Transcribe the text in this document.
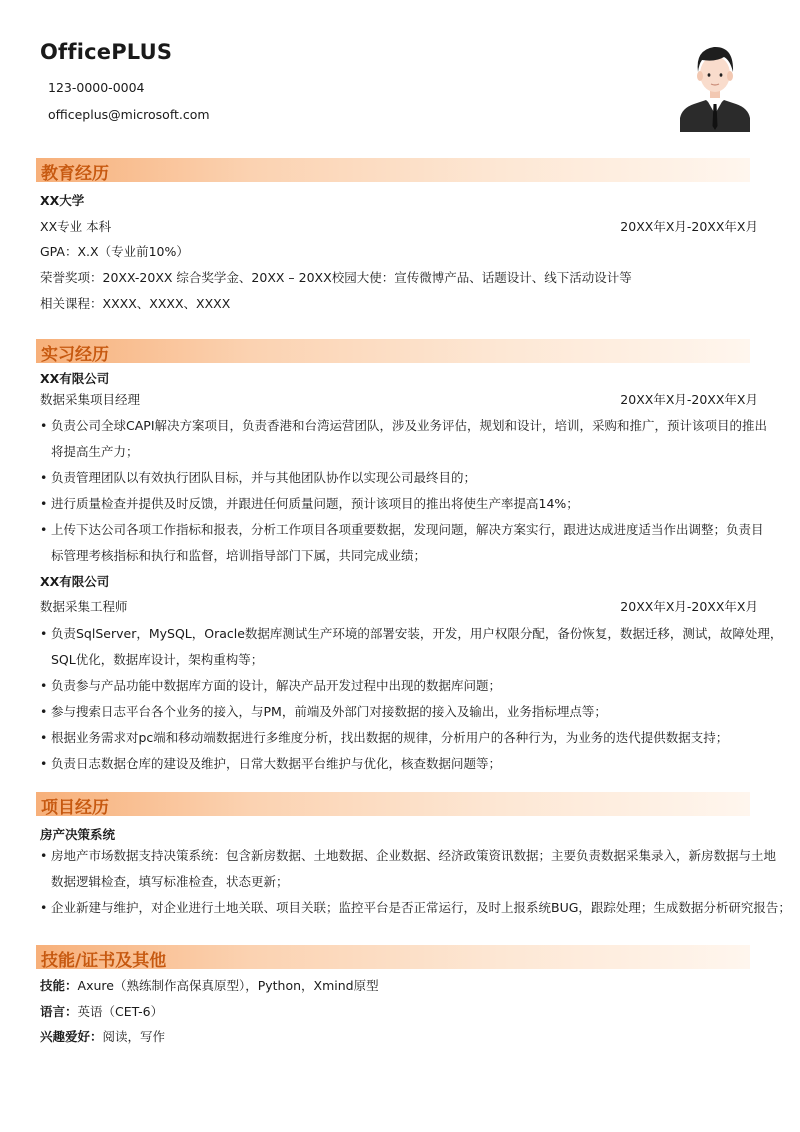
OfficePLUS
123-0000-0004
officeplus@microsoft.com
教育经历
XX大学
XX专业 本科	20XX年X月-20XX年X月
GPA：X.X（专业前10%）
荣誉奖项：20XX-20XX 综合奖学金、20XX – 20XX校园大使：宣传微博产品、话题设计、线下活动设计等
相关课程：XXXX、XXXX、XXXX
实习经历
XX有限公司
数据采集项目经理	20XX年X月-20XX年X月
• 负责公司全球CAPI解决方案项目，负责香港和台湾运营团队，涉及业务评估，规划和设计，培训，采购和推广，预计该项目的推出
将提高生产力；
• 负责管理团队以有效执行团队目标，并与其他团队协作以实现公司最终目的；
• 进行质量检查并提供及时反馈，并跟进任何质量问题，预计该项目的推出将使生产率提高14%；
• 上传下达公司各项工作指标和报表，分析工作项目各项重要数据，发现问题，解决方案实行，跟进达成进度适当作出调整；负责目
标管理考核指标和执行和监督，培训指导部门下属，共同完成业绩；
XX有限公司
数据采集工程师	20XX年X月-20XX年X月
• 负责SqlServer，MySQL，Oracle数据库测试生产环境的部署安装，开发，用户权限分配，备份恢复，数据迁移，测试，故障处理，
SQL优化，数据库设计，架构重构等；
• 负责参与产品功能中数据库方面的设计，解决产品开发过程中出现的数据库问题；
• 参与搜索日志平台各个业务的接入，与PM，前端及外部门对接数据的接入及输出，业务指标埋点等；
• 根据业务需求对pc端和移动端数据进行多维度分析，找出数据的规律，分析用户的各种行为，为业务的迭代提供数据支持；
• 负责日志数据仓库的建设及维护，日常大数据平台维护与优化，核查数据问题等；
项目经历
房产决策系统
• 房地产市场数据支持决策系统：包含新房数据、土地数据、企业数据、经济政策资讯数据；主要负责数据采集录入，新房数据与土地
数据逻辑检查，填写标准检查，状态更新；
• 企业新建与维护，对企业进行土地关联、项目关联；监控平台是否正常运行，及时上报系统BUG，跟踪处理；生成数据分析研究报告；
技能/证书及其他
技能：Axure（熟练制作高保真原型），Python，Xmind原型
语言：英语（CET-6）
兴趣爱好：阅读，写作
